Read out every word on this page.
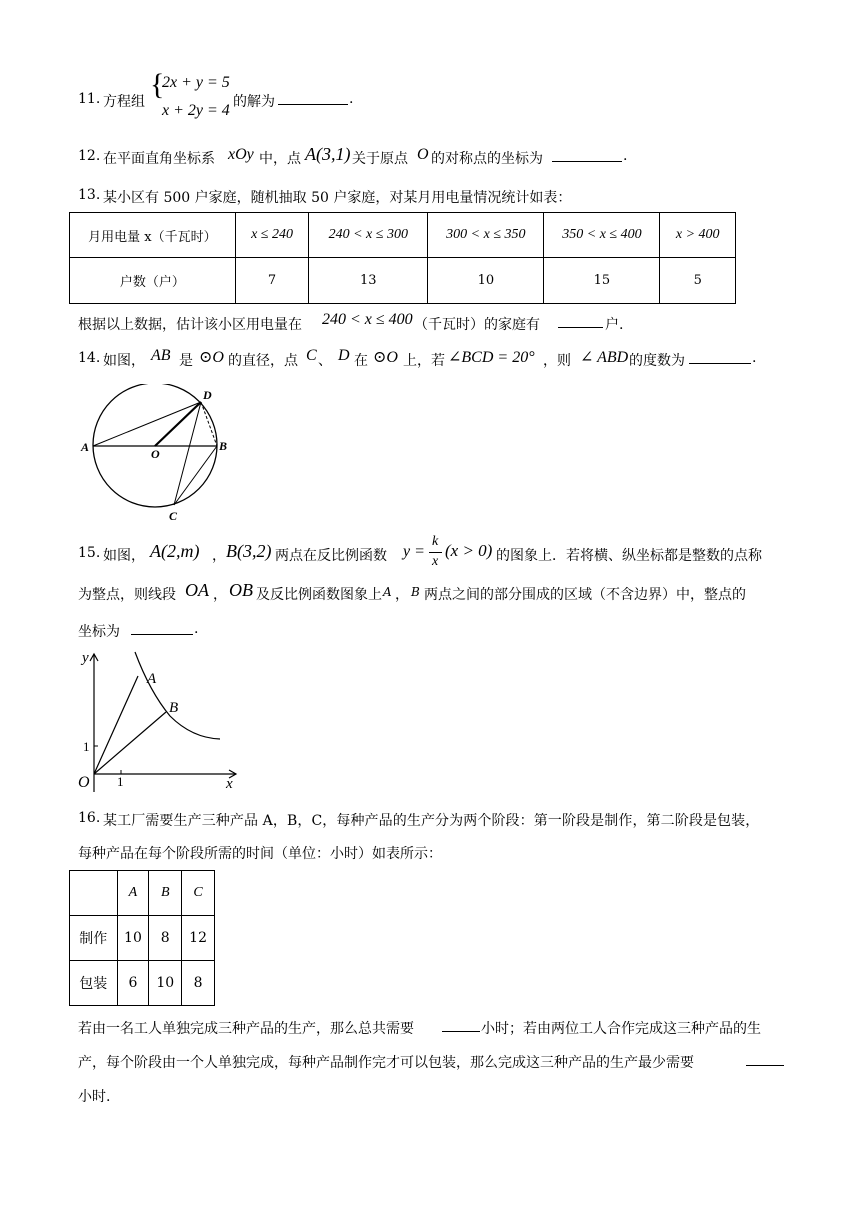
11. 方程组
{
2x + y = 5
x + 2y = 4 的解为	.
12. 在平面直角坐标系 xOy 中，点 A(3,1) 关于原点 O 的对称点的坐标为	.
13. 某小区有 500 户家庭，随机抽取 50 户家庭，对某月用电量情况统计如表：
月用电量 x（千瓦时）	x ≤ 240	240 < x ≤ 300	300 < x ≤ 350	350 < x ≤ 400	x > 400
户数（户）	7	13	10	15	5
根据以上数据，估计该小区用电量在 240 < x ≤ 400 （千瓦时）的家庭有	户.
14. 如图， AB 是 ⊙O 的直径，点 C 、 D 在 ⊙O 上，若 ∠BCD = 20° ，则 ∠ ABD 的度数为	.
A	B
O
D
C
15. 如图， A(2,m) ， B(3,2) 两点在反比例函数 y =
k
x
(x > 0) 的图象上．若将横、纵坐标都是整数的点称
为整点，则线段 OA ， OB 及反比例函数图象上 A ， B 两点之间的部分围成的区域（不含边界）中，整点的
坐标为	.
y
x
O 1
1
A
B
16. 某工厂需要生产三种产品 A，B，C，每种产品的生产分为两个阶段：第一阶段是制作，第二阶段是包装，
每种产品在每个阶段所需的时间（单位：小时）如表所示：
	A	B	C
制作	10	8	12
包装	6	10	8
若由一名工人单独完成三种产品的生产，那么总共需要	小时；若由两位工人合作完成这三种产品的生
产，每个阶段由一个人单独完成，每种产品制作完才可以包装，那么完成这三种产品的生产最少需要
小时.
